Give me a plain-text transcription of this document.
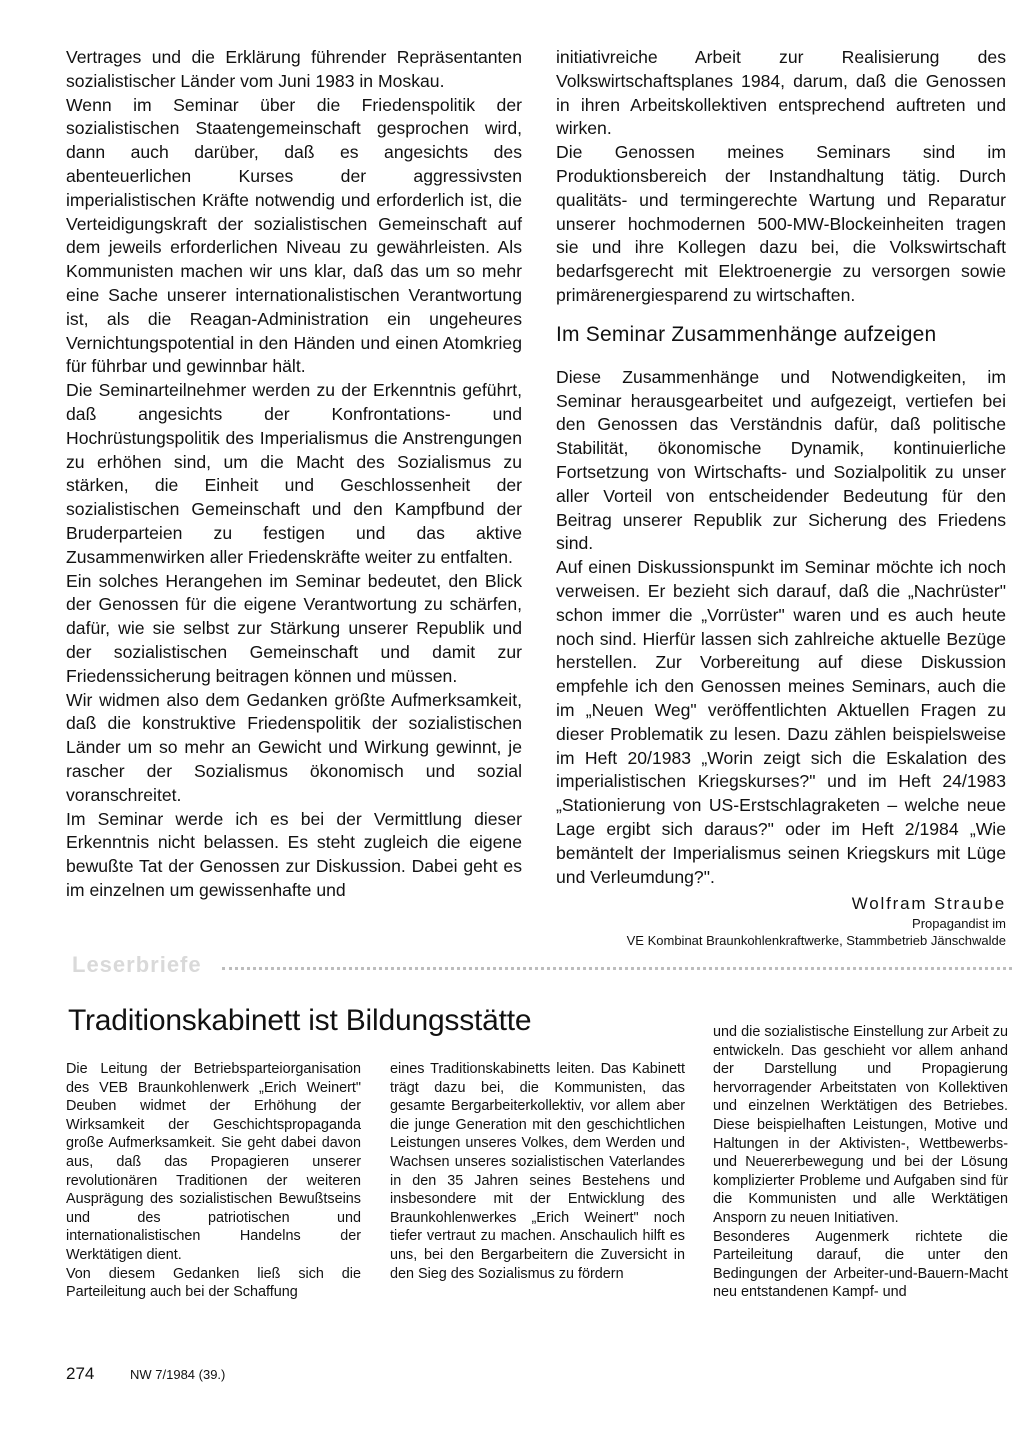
Vertrages und die Erklärung führender Repräsentanten sozialistischer Länder vom Juni 1983 in Moskau.

Wenn im Seminar über die Friedenspolitik der sozialistischen Staatengemeinschaft gesprochen wird, dann auch darüber, daß es angesichts des abenteuerlichen Kurses der aggressivsten imperialistischen Kräfte notwendig und erforderlich ist, die Verteidigungskraft der sozialistischen Gemeinschaft auf dem jeweils erforderlichen Niveau zu gewährleisten. Als Kommunisten machen wir uns klar, daß das um so mehr eine Sache unserer internationalistischen Verantwortung ist, als die Reagan-Administration ein ungeheures Vernichtungspotential in den Händen und einen Atomkrieg für führbar und gewinnbar hält.

Die Seminarteilnehmer werden zu der Erkenntnis geführt, daß angesichts der Konfrontations- und Hochrüstungspolitik des Imperialismus die Anstrengungen zu erhöhen sind, um die Macht des Sozialismus zu stärken, die Einheit und Geschlossenheit der sozialistischen Gemeinschaft und den Kampfbund der Bruderparteien zu festigen und das aktive Zusammenwirken aller Friedenskräfte weiter zu entfalten.

Ein solches Herangehen im Seminar bedeutet, den Blick der Genossen für die eigene Verantwortung zu schärfen, dafür, wie sie selbst zur Stärkung unserer Republik und der sozialistischen Gemeinschaft und damit zur Friedenssicherung beitragen können und müssen.

Wir widmen also dem Gedanken größte Aufmerksamkeit, daß die konstruktive Friedenspolitik der sozialistischen Länder um so mehr an Gewicht und Wirkung gewinnt, je rascher der Sozialismus ökonomisch und sozial voranschreitet.

Im Seminar werde ich es bei der Vermittlung dieser Erkenntnis nicht belassen. Es steht zugleich die eigene bewußte Tat der Genossen zur Diskussion. Dabei geht es im einzelnen um gewissenhafte und

initiativreiche Arbeit zur Realisierung des Volkswirtschaftsplanes 1984, darum, daß die Genossen in ihren Arbeitskollektiven entsprechend auftreten und wirken.

Die Genossen meines Seminars sind im Produktionsbereich der Instandhaltung tätig. Durch qualitäts- und termingerechte Wartung und Reparatur unserer hochmodernen 500-MW-Blockeinheiten tragen sie und ihre Kollegen dazu bei, die Volkswirtschaft bedarfsgerecht mit Elektroenergie zu versorgen sowie primärenergiesparend zu wirtschaften.

Im Seminar Zusammenhänge aufzeigen

Diese Zusammenhänge und Notwendigkeiten, im Seminar herausgearbeitet und aufgezeigt, vertiefen bei den Genossen das Verständnis dafür, daß politische Stabilität, ökonomische Dynamik, kontinuierliche Fortsetzung von Wirtschafts- und Sozialpolitik zu unser aller Vorteil von entscheidender Bedeutung für den Beitrag unserer Republik zur Sicherung des Friedens sind.

Auf einen Diskussionspunkt im Seminar möchte ich noch verweisen. Er bezieht sich darauf, daß die „Nachrüster" schon immer die „Vorrüster" waren und es auch heute noch sind. Hierfür lassen sich zahlreiche aktuelle Bezüge herstellen. Zur Vorbereitung auf diese Diskussion empfehle ich den Genossen meines Seminars, auch die im „Neuen Weg" veröffentlichten Aktuellen Fragen zu dieser Problematik zu lesen. Dazu zählen beispielsweise im Heft 20/1983 „Worin zeigt sich die Eskalation des imperialistischen Kriegskurses?" und im Heft 24/1983 „Stationierung von US-Erstschlagraketen – welche neue Lage ergibt sich daraus?" oder im Heft 2/1984 „Wie bemäntelt der Imperialismus seinen Kriegskurs mit Lüge und Verleumdung?".

Wolfram Straube
Propagandist im
VE Kombinat Braunkohlenkraftwerke, Stammbetrieb Jänschwalde
Leserbriefe
Traditionskabinett ist Bildungsstätte

Die Leitung der Betriebsparteiorganisation des VEB Braunkohlenwerk „Erich Weinert" Deuben widmet der Erhöhung der Wirksamkeit der Geschichtspropaganda große Aufmerksamkeit. Sie geht dabei davon aus, daß das Propagieren unserer revolutionären Traditionen der weiteren Ausprägung des sozialistischen Bewußtseins und des patriotischen und internationalistischen Handelns der Werktätigen dient.

Von diesem Gedanken ließ sich die Parteileitung auch bei der Schaffung

eines Traditionskabinetts leiten. Das Kabinett trägt dazu bei, die Kommunisten, das gesamte Bergarbeiterkollektiv, vor allem aber die junge Generation mit den geschichtlichen Leistungen unseres Volkes, dem Werden und Wachsen unseres sozialistischen Vaterlandes in den 35 Jahren seines Bestehens und insbesondere mit der Entwicklung des Braunkohlenwerkes „Erich Weinert" noch tiefer vertraut zu machen. Anschaulich hilft es uns, bei den Bergarbeitern die Zuversicht in den Sieg des Sozialismus zu fördern

und die sozialistische Einstellung zur Arbeit zu entwickeln. Das geschieht vor allem anhand der Darstellung und Propagierung hervorragender Arbeitstaten von Kollektiven und einzelnen Werktätigen des Betriebes. Diese beispielhaften Leistungen, Motive und Haltungen in der Aktivisten-, Wettbewerbs- und Neuererbewegung und bei der Lösung komplizierter Probleme und Aufgaben sind für die Kommunisten und alle Werktätigen Ansporn zu neuen Initiativen.

Besonderes Augenmerk richtete die Parteileitung darauf, die unter den Bedingungen der Arbeiter-und-Bauern-Macht neu entstandenen Kampf- und

274	NW 7/1984 (39.)
